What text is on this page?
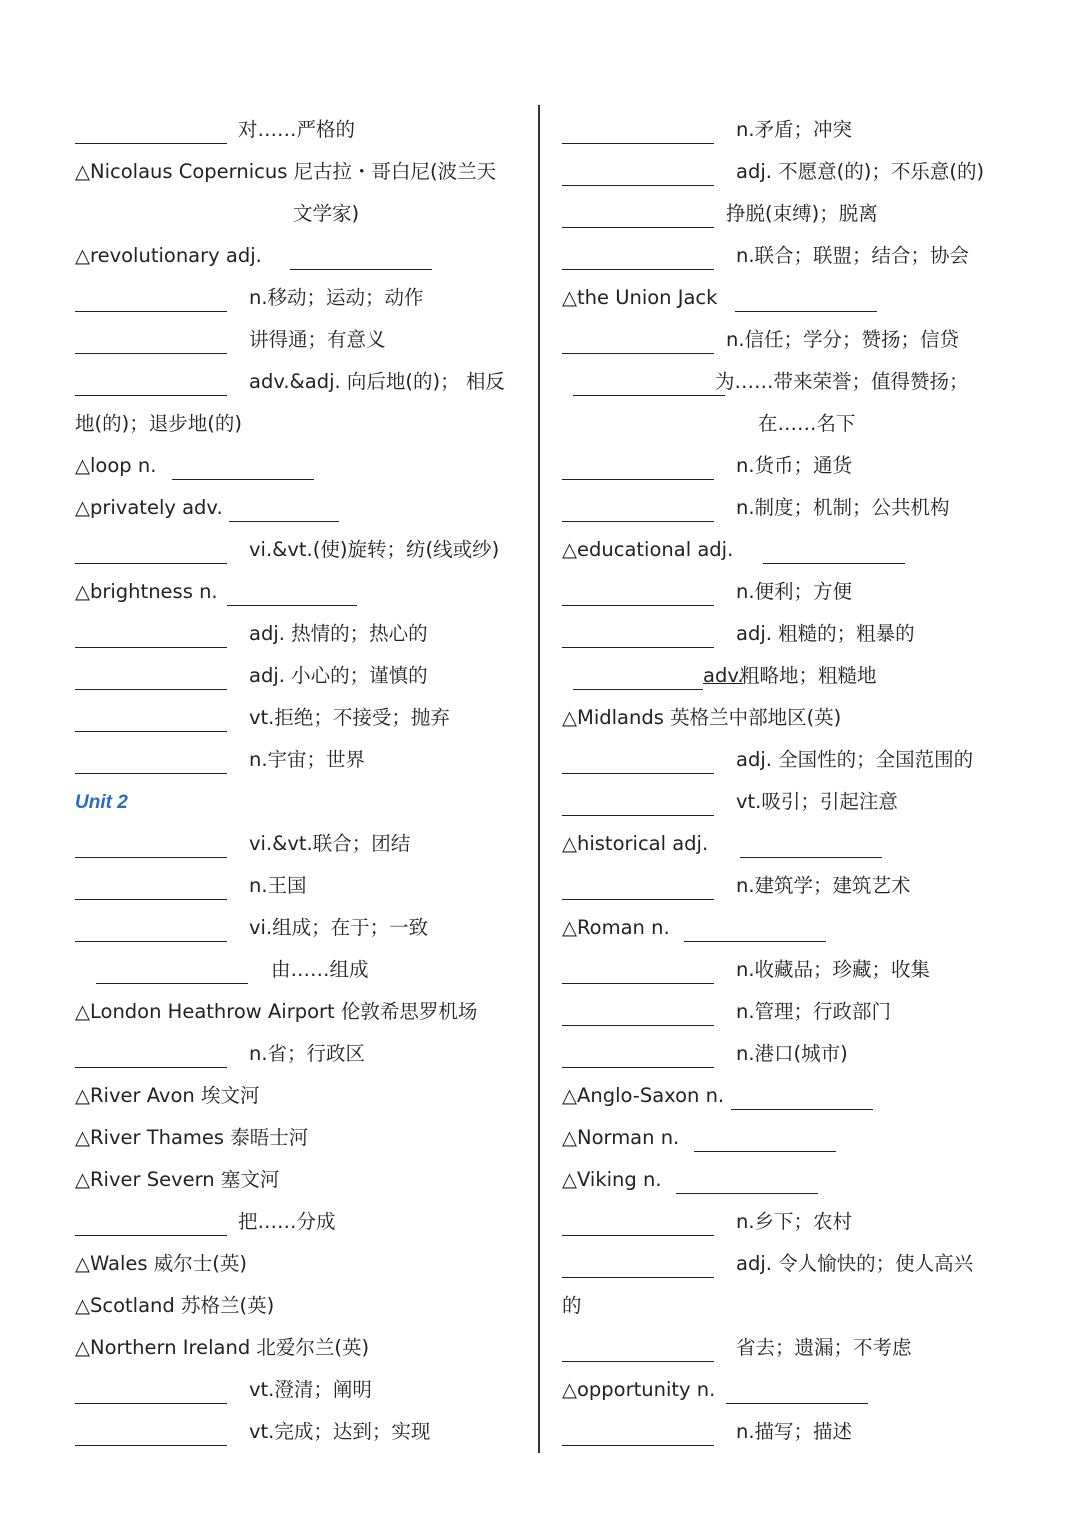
对……严格的
△Nicolaus Copernicus 尼古拉・哥白尼(波兰天
文学家)
△revolutionary adj.
n.移动；运动；动作
讲得通；有意义
adv.&adj. 向后地(的)； 相反
地(的)；退步地(的)
△loop n.
△privately adv.
vi.&vt.(使)旋转；纺(线或纱)
△brightness n.
adj. 热情的；热心的
adj. 小心的；谨慎的
vt.拒绝；不接受；抛弃
n.宇宙；世界
Unit 2
vi.&vt.联合；团结
n.王国
vi.组成；在于；一致
由……组成
△London Heathrow Airport 伦敦希思罗机场
n.省；行政区
△River Avon 埃文河
△River Thames 泰晤士河
△River Severn 塞文河
把……分成
△Wales 威尔士(英)
△Scotland 苏格兰(英)
△Northern Ireland 北爱尔兰(英)
vt.澄清；阐明
vt.完成；达到；实现
n.矛盾；冲突
adj. 不愿意(的)；不乐意(的)
挣脱(束缚)；脱离
n.联合；联盟；结合；协会
△the Union Jack
n.信任；学分；赞扬；信贷
为……带来荣誉；值得赞扬；
在……名下
n.货币；通货
n.制度；机制；公共机构
△educational adj.
n.便利；方便
adj. 粗糙的；粗暴的
adv.
粗略地；粗糙地
△Midlands 英格兰中部地区(英)
adj. 全国性的；全国范围的
vt.吸引；引起注意
△historical adj.
n.建筑学；建筑艺术
△Roman n.
n.收藏品；珍藏；收集
n.管理；行政部门
n.港口(城市)
△Anglo-Saxon n.
△Norman n.
△Viking n.
n.乡下；农村
adj. 令人愉快的；使人高兴
的
省去；遗漏；不考虑
△opportunity n.
n.描写；描述
